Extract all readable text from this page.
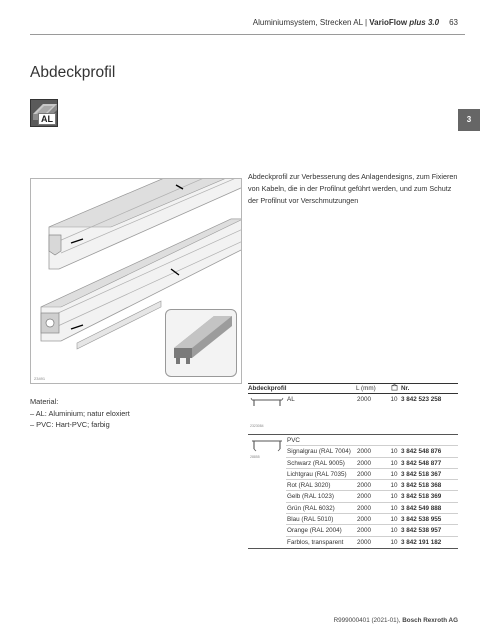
Aluminiumsystem, Strecken AL | VarioFlow plus 3.0 63
Abdeckprofil
AL	3

Abdeckprofil zur Verbesserung des Anlagendesigns, zum Fixieren von Kabeln, die in der Profilnut geführt werden, und zum Schutz der Profilnut vor Verschmutzungen

23491
Material:
– AL: Aluminium; natur eloxiert
– PVC: Hart-PVC; farbig
Abdeckprofil	L (mm)	Nr.
2323084
AL	2000	10 3 842 523 258
28855
PVC
Signalgrau (RAL 7004) 2000	10 3 842 548 876
Schwarz (RAL 9005)	2000	10 3 842 548 877
Lichtgrau (RAL 7035)	2000	10 3 842 518 367
Rot (RAL 3020)	2000	10 3 842 518 368
Gelb (RAL 1023)	2000	10 3 842 518 369
Grün (RAL 6032)	2000	10 3 842 549 888
Blau (RAL 5010)	2000	10 3 842 538 955
Orange (RAL 2004)	2000	10 3 842 538 957
Farblos, transparent	2000	10 3 842 191 182
R999000401 (2021-01), Bosch Rexroth AG
